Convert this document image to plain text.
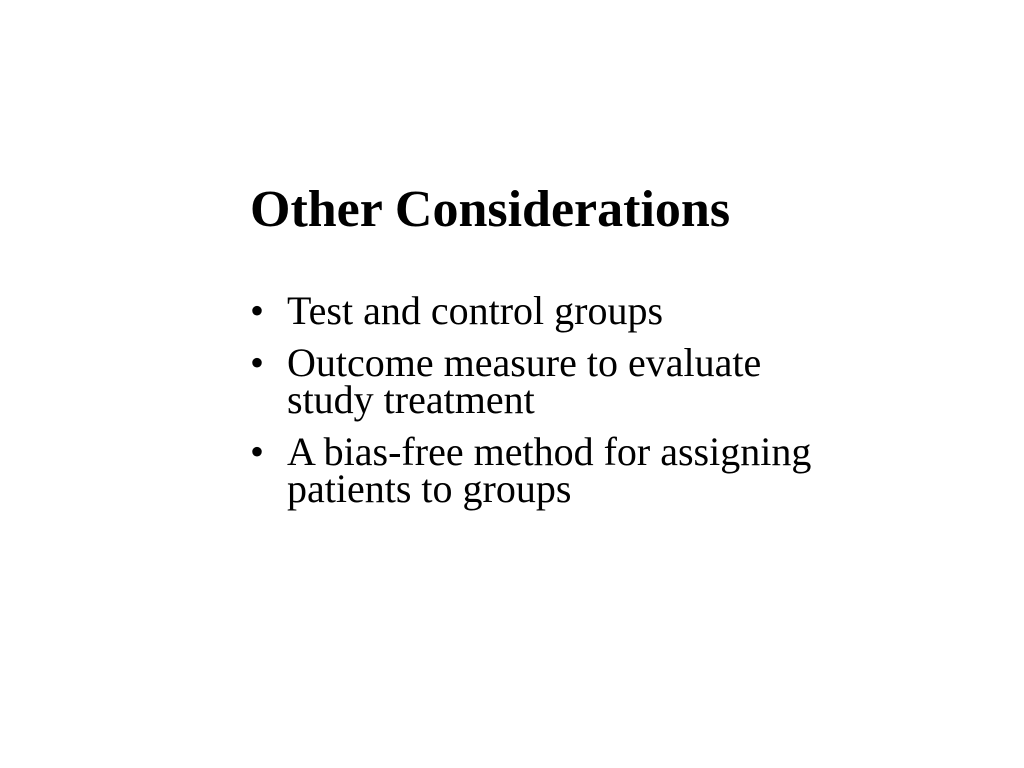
Other Considerations
• Test and control groups
• Outcome measure to evaluate
study treatment
• A bias-free method for assigning
patients to groups
